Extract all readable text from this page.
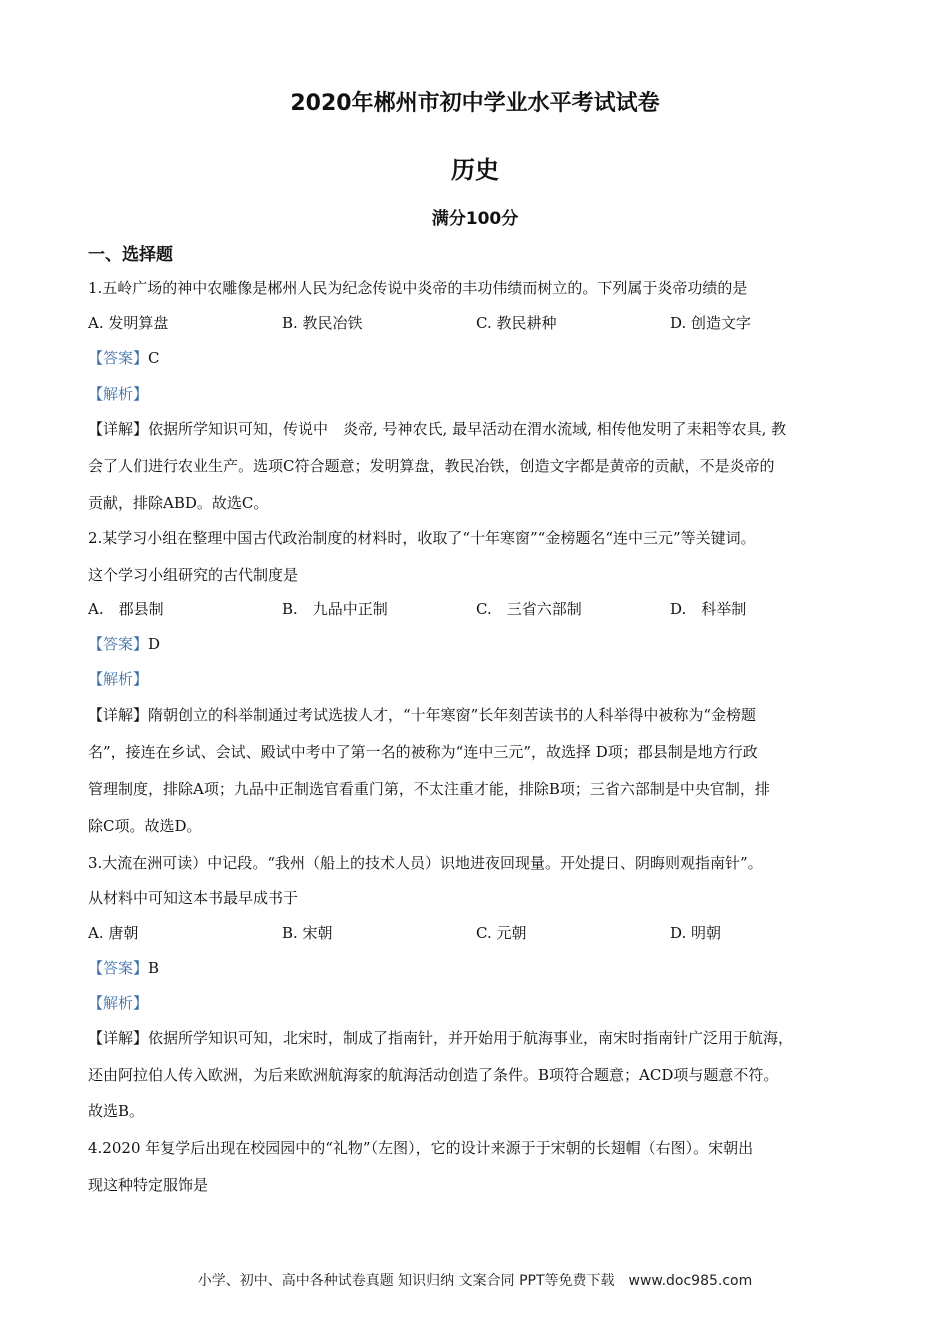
2020年郴州市初中学业水平考试试卷
历史
满分100分
一、选择题
1.五岭广场的神中农雕像是郴州人民为纪念传说中炎帝的丰功伟绩而树立的。下列属于炎帝功绩的是
A. 发明算盘	B. 教民冶铁	C. 教民耕种	D. 创造文字
【答案】C
【解析】
【详解】依据所学知识可知，传说中　炎帝, 号神农氏, 最早活动在渭水流域, 相传他发明了耒耜等农具, 教
会了人们进行农业生产。选项C符合题意；发明算盘，教民冶铁，创造文字都是黄帝的贡献，不是炎帝的
贡献，排除ABD。故选C。
2.某学习小组在整理中国古代政治制度的材料时，收取了“十年寒窗”“金榜题名“连中三元”等关键词。
这个学习小组研究的古代制度是
A.　郡县制	B.　九品中正制	C.　三省六部制	D.　科举制
【答案】D
【解析】
【详解】隋朝创立的科举制通过考试选拔人才，“十年寒窗”长年刻苦读书的人科举得中被称为“金榜题
名”，接连在乡试、会试、殿试中考中了第一名的被称为“连中三元”，故选择 D项；郡县制是地方行政
管理制度，排除A项；九品中正制选官看重门第，不太注重才能，排除B项；三省六部制是中央官制，排
除C项。故选D。
3.大流在洲可读）中记段。“我州（船上的技术人员）识地进夜回现量。开处提日、阴晦则观指南针”。
从材料中可知这本书最早成书于
A. 唐朝	B. 宋朝	C. 元朝	D. 明朝
【答案】B
【解析】
【详解】依据所学知识可知，北宋时，制成了指南针，并开始用于航海事业，南宋时指南针广泛用于航海，
还由阿拉伯人传入欧洲，为后来欧洲航海家的航海活动创造了条件。B项符合题意；ACD项与题意不符。
故选B。
4.2020 年复学后出现在校园园中的“礼物”（左图），它的设计来源于于宋朝的长翅帽（右图）。宋朝出
现这种特定服饰是
小学、初中、高中各种试卷真题 知识归纳 文案合同 PPT等免费下载　www.doc985.com
